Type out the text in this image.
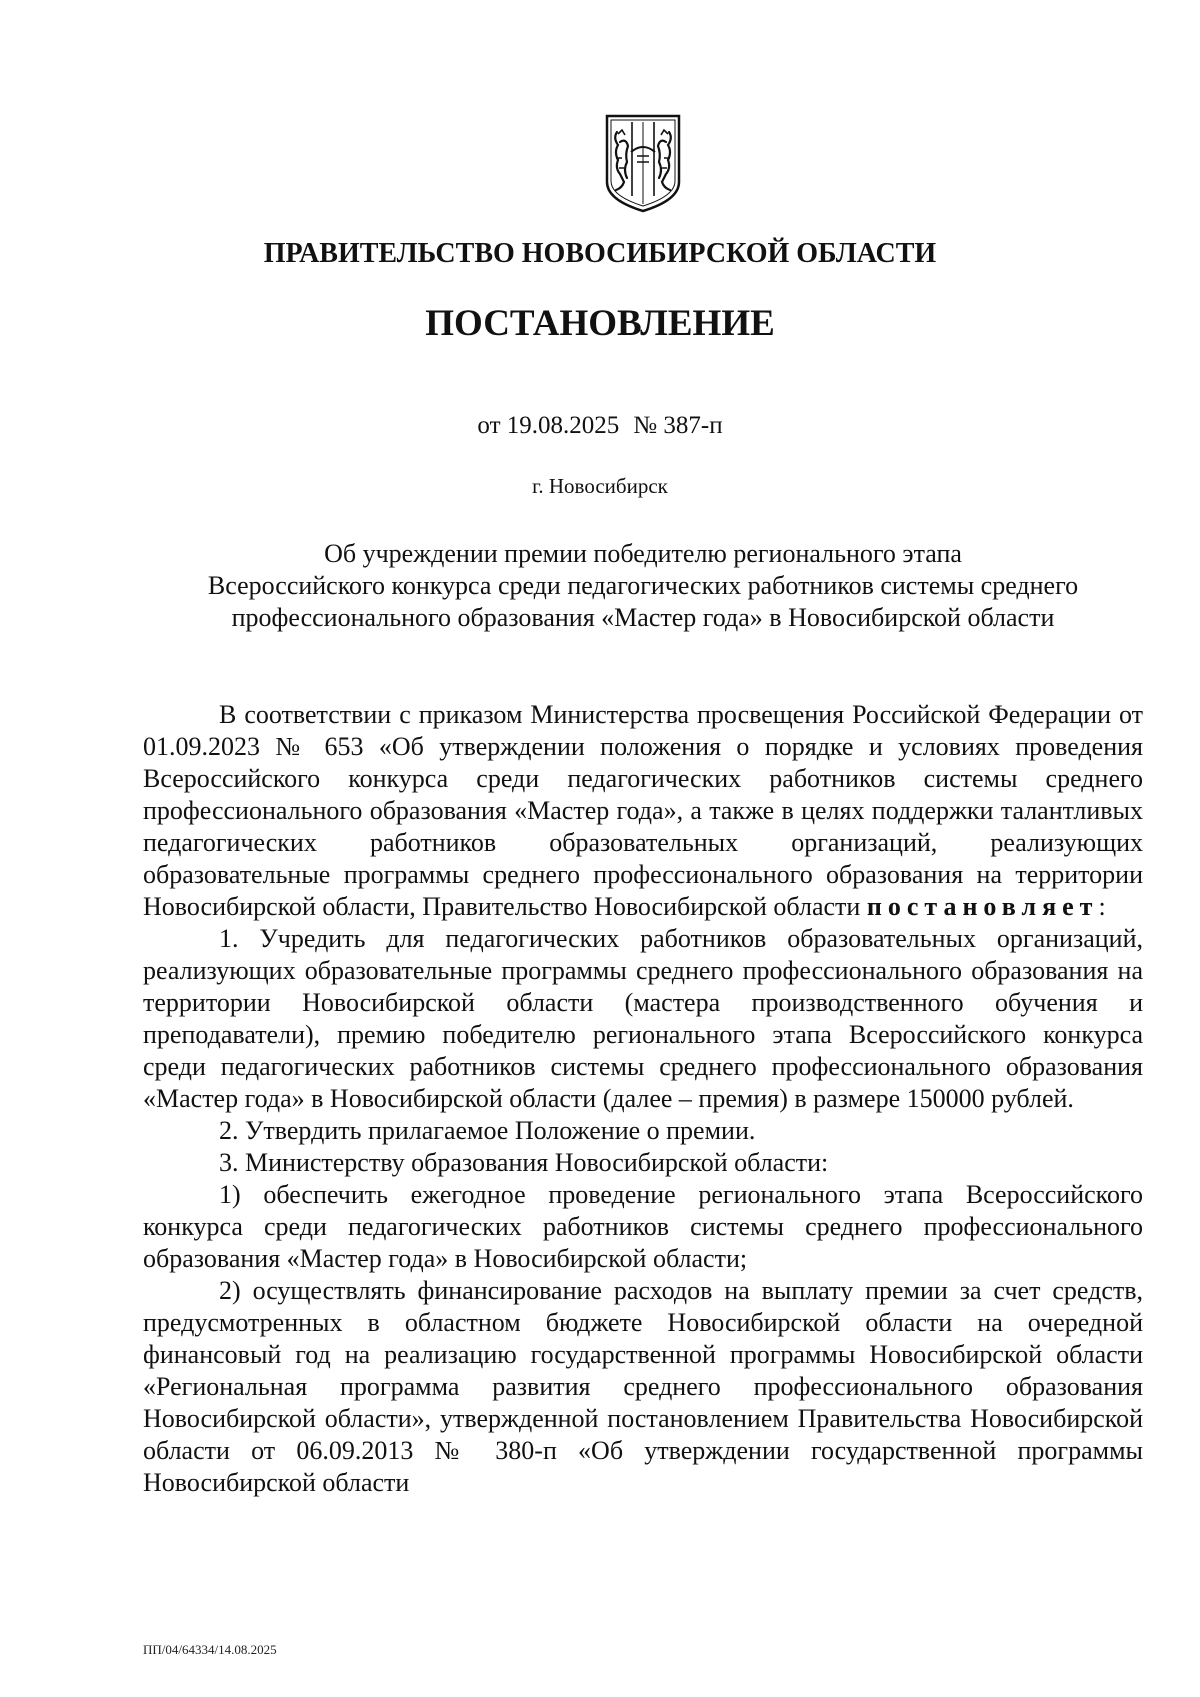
ПРАВИТЕЛЬСТВО НОВОСИБИРСКОЙ ОБЛАСТИ
ПОСТАНОВЛЕНИЕ
от 19.08.2025 № 387-п
г. Новосибирск
Об учреждении премии победителю регионального этапа
Всероссийского конкурса среди педагогических работников системы среднего
профессионального образования «Мастер года» в Новосибирской области

В соответствии с приказом Министерства просвещения Российской Федерации от 01.09.2023 № 653 «Об утверждении положения о порядке и условиях проведения Всероссийского конкурса среди педагогических работников системы среднего профессионального образования «Мастер года», а также в целях поддержки талантливых педагогических работников образовательных организаций, реализующих образовательные программы среднего профессионального образования на территории Новосибирской области, Правительство Новосибирской области постановляет:

1. Учредить для педагогических работников образовательных организаций, реализующих образовательные программы среднего профессионального образования на территории Новосибирской области (мастера производственного обучения и преподаватели), премию победителю регионального этапа Всероссийского конкурса среди педагогических работников системы среднего профессионального образования «Мастер года» в Новосибирской области (далее – премия) в размере 150000 рублей.

2. Утвердить прилагаемое Положение о премии.

3. Министерству образования Новосибирской области:

1) обеспечить ежегодное проведение регионального этапа Всероссийского конкурса среди педагогических работников системы среднего профессионального образования «Мастер года» в Новосибирской области;

2) осуществлять финансирование расходов на выплату премии за счет средств, предусмотренных в областном бюджете Новосибирской области на очередной финансовый год на реализацию государственной программы Новосибирской области «Региональная программа развития среднего профессионального образования Новосибирской области», утвержденной постановлением Правительства Новосибирской области от 06.09.2013 № 380-п «Об утверждении государственной программы Новосибирской области

ПП/04/64334/14.08.2025
